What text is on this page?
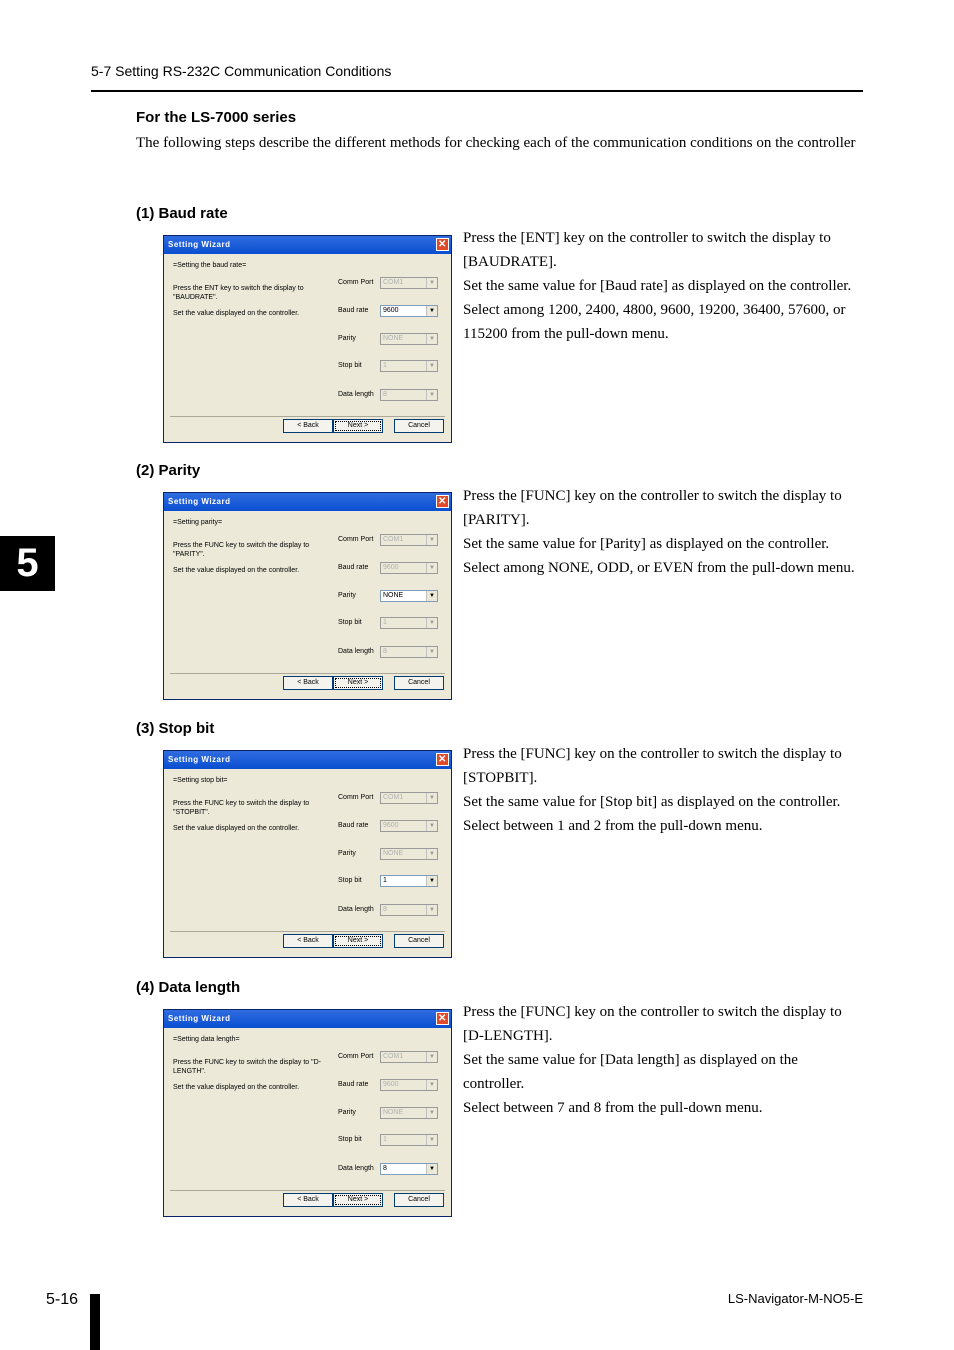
5-7 Setting RS-232C Communication Conditions
5
For the LS-7000 series
The following steps describe the different methods for checking each of the communication conditions on the controller
(1) Baud rate
Setting Wizard	✕
=Setting the baud rate=
Press the ENT key to switch the display to "BAUDRATE".
Set the value displayed on the controller.
Comm Port	COM1	▼
Baud rate	9600	▼
Parity	NONE	▼
Stop bit	1	▼
Data length	8	▼
< Back	Next >	Cancel

Press the [ENT] key on the controller to switch the display to [BAUDRATE].

Set the same value for [Baud rate] as displayed on the controller.

Select among 1200, 2400, 4800, 9600, 19200, 36400, 57600, or 115200 from the pull-down menu.

(2) Parity
Setting Wizard	✕
=Setting parity=
Press the FUNC key to switch the display to "PARITY".
Set the value displayed on the controller.
Comm Port	COM1	▼
Baud rate	9600	▼
Parity	NONE	▼
Stop bit	1	▼
Data length	8	▼
< Back	Next >	Cancel

Press the [FUNC] key on the controller to switch the display to [PARITY].

Set the same value for [Parity] as displayed on the controller.

Select among NONE, ODD, or EVEN from the pull-down menu.

(3) Stop bit
Setting Wizard	✕
=Setting stop bit=
Press the FUNC key to switch the display to "STOPBIT".
Set the value displayed on the controller.
Comm Port	COM1	▼
Baud rate	9600	▼
Parity	NONE	▼
Stop bit	1	▼
Data length	8	▼
< Back	Next >	Cancel

Press the [FUNC] key on the controller to switch the display to [STOPBIT].

Set the same value for [Stop bit] as displayed on the controller.

Select between 1 and 2 from the pull-down menu.

(4) Data length
Setting Wizard	✕
=Setting data length=
Press the FUNC key to switch the display to "D-LENGTH".
Set the value displayed on the controller.
Comm Port	COM1	▼
Baud rate	9600	▼
Parity	NONE	▼
Stop bit	1	▼
Data length	8	▼
< Back	Next >	Cancel

Press the [FUNC] key on the controller to switch the display to [D-LENGTH].

Set the same value for [Data length] as displayed on the controller.

Select between 7 and 8 from the pull-down menu.

5-16	LS-Navigator-M-NO5-E
